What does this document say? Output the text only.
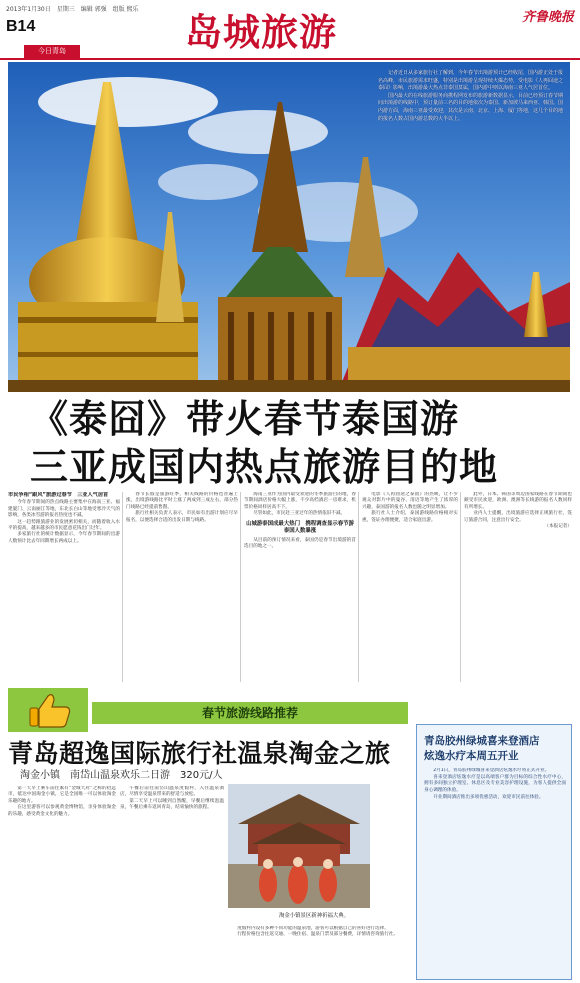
2013年1月30日　星期三　编辑 郭强　组版 熙乐
B14
今日青岛	岛城旅游	齐鲁晚报

记者近日从多家旅行社了解到，今年春节出境游预计已经收尾，国内游正处于报名高峰，市民旅游需求旺盛，特别是出境游呈现持续火爆态势，受电影《人再囧途之泰囧》影响，出境游最大热点非泰国莫属，国内游中则以海南三亚人气居首位。

国内最大的在线旅游服务商携程网发布的旅游新数据显示，目前已经预订春节期间出境游的线路中，预订量前三名的目的地依次为泰国、新加坡马来西亚、韩国。国内游方面，海南三亚最受欢迎，其次是云南、北京、上海、厦门等地，这几个目的地的报名人数占国内游总数的大半以上。

《泰囧》带火春节泰国游
三亚成国内热点旅游目的地
市民争相“跟风”旅游过春节　三亚人气居首

今年春节期间的热点线路主要集中在海南三亚、福建厦门、云南丽江等地，东北长白山等地受寒冷天气的影响，各类冰雪游的报名热度也不减。

这一趋势跟旅游业的发展密切相关，而随着收入水平的提高，越来越多的市民愿意花钱出门过年。

多家旅行社的统计数据显示，今年春节期间的出游人数预计比去年同期增长两成以上。

春节长假是旅游旺季，相关线路的价格也普遍上涨，出境游线路比平时上涨了两成到三成左右，部分热门线路已经提前售罄。

旅行社相关负责人表示，市民如有出游计划应尽早报名，以便选择合适的出发日期与线路。

海南三亚作为国内最受欢迎的冬季旅游目的地，春节期间酒店价格大幅上涨，不少高档酒店一房难求，机票价格同样居高不下。

尽管如此，市民赴三亚过年的热情依旧不减。

山城游泰国成最大热门　携程调查显示春节游泰国人数暴涨

从目前的预订情况来看，泰国仍是春节出境游的首选目的地之一。

电影《人再囧途之泰囧》的热映，让不少观众对影片中的曼谷、清迈等地产生了浓厚的兴趣，泰国游的报名人数也随之明显增加。

旅行社人士介绍，泰国游线路价格相对实惠，签证办理便捷，适合家庭出游。

此外，日本、韩国等周边国家线路在春节期间也颇受市民欢迎，欧洲、澳洲等长线游的报名人数同样有所增长。

业内人士提醒，出境旅游应选择正规旅行社，签订旅游合同，注意出行安全。

（本报记者）

春节旅游线路推荐
青岛超逸国际旅行社温泉淘金之旅
淘金小镇　南岱山温泉欢乐二日游　320元/人

第一天早上乘车前往素有“金城天府”之称的招远市，抵达中国淘金小镇，它是全国唯一可以体验淘金乐趣的地方。

在这里游客可以参观黄金博物馆，亲身体验淘金的乐趣，感受黄金文化的魅力。

午餐后前往南岱山温泉度假村，入住温泉酒店，尽情享受温泉带来的舒适与放松。

第二天早上可以睡到自然醒，早餐后继续泡温泉，午餐后乘车返回青岛，结束愉快的旅程。

淘金小镇景区新神祈福大典。

度假村内设有多种不同功能的温泉池，游客可以根据自己的喜好进行选择。

行程价格包含往返交通、一晚住宿、温泉门票及部分餐费，详情请咨询旅行社。

青岛胶州绿城喜来登酒店
炫逸水疗本周五开业

2月1日，青岛胶州绿城喜来登酒店炫逸水疗将正式开业。

喜来登酒店炫逸水疗是以高端客户群为目标的综合性水疗中心，拥有多间独立护理室、休息区及专业美容护理设施，为客人提供全面身心调理的体验。

开业期间酒店推出多项优惠活动，欢迎市民前往体验。
